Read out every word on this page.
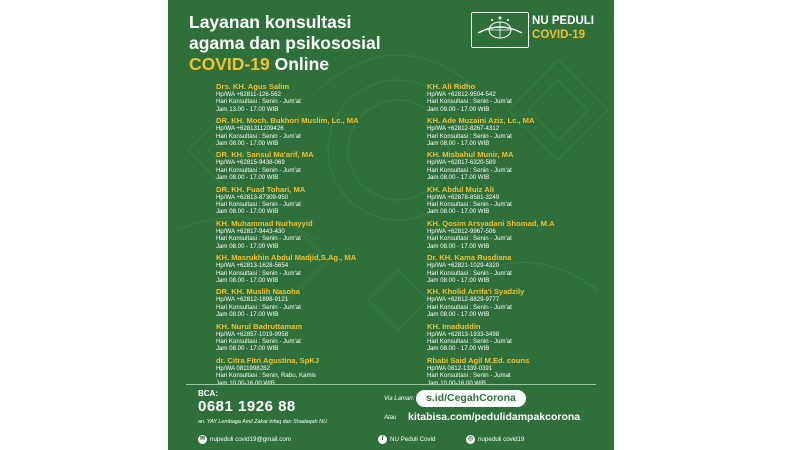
Layanan konsultasi
agama dan psikososial
COVID-19 Online
NU PEDULI
COVID-19
Drs. KH. Agus Salim
Hp/WA +62811-126-562
Hari Konsultasi : Senin - Jum'at
Jam 13.00 - 17.00 WIB
DR. KH. Moch. Bukhori Muslim, Lc., MA
Hp/WA +6281311209426
Hari Konsultasi : Senin - Jum'at
Jam 08.00 - 17.00 WIB
DR. KH. Sansul Ma'arif, MA
Hp/WA +62815-9438-069
Hari Konsultasi : Senin - Jum'at
Jam 08.00 - 17.00 WIB
DR. KH. Fuad Tohari, MA
Hp/WA +62813-87309-950
Hari Konsultasi : Senin - Jum'at
Jam 08.00 - 17.00 WIB
KH. Muhammad Nurhayyid
Hp/WA +62817-9443-430
Hari Konsultasi : Senin - Jum'at
Jam 08.00 - 17.00 WIB
KH. Masrukhin Abdul Madjid,S.Ag., MA
Hp/WA +62813-1628-5654
Hari Konsultasi : Senin - Jum'at
Jam 08.00 - 17.00 WIB
DR. KH. Muslih Nasoha
Hp/WA +62812-1898-9121
Hari Konsultasi : Senin - Jum'at
Jam 08.00 - 17.00 WIB
KH. Nurul Badruttamam
Hp/WA +62857-1019-9958
Hari Konsultasi : Senin - Jum'at
Jam 08.00 - 17.00 WIB
dr. Citra Fitri Agustina, SpKJ
Hp/WA 0811998282
Hari Konsultasi : Senin, Rabu, Kamis
KH. Ali Ridho
Hp/WA +62812-9504-542
Hari Konsultasi : Senin - Jum'at
Jam 09.00 - 17.00 WIB
KH. Ade Muzaini Aziz, Lc., MA
Hp/WA +62812-8267-4312
Hari Konsultasi : Senin - Jum'at
Jam 08.00 - 17.00 WIB
KH. Misbahul Munir, MA
Hp/WA +62817-6320-589
Hari Konsultasi : Senin - Jum'at
Jam 08.00 - 17.00 WIB
KH. Abdul Muiz Ali
Hp/WA +62878-8581-3249
Hari Konsultasi : Senin - Jum'at
Jam 08.00 - 17.00 WIB
KH. Qosim Arsyadani Shomad, M.A
Hp/WA +62812-9967-506
Hari Konsultasi : Senin - Jum'at
Jam 08.00 - 17.00 WIB
Dr. KH. Kama Rusdiana
Hp/WA +62821-1029-4320
Hari Konsultasi : Senin - Jum'at
Jam 08.00 - 17.00 WIB
KH. Kholid Arrifa'i Syadzily
Hp/WA +62812-8829-9777
Hari Konsultasi : Senin - Jum'at
Jam 08.00 - 17.00 WIB
KH. Imaduddin
Hp/WA +62813-1933-3498
Hari Konsultasi : Senin - Jum'at
Jam 08.00 - 17.00 WIB
Rhabi Said Agil M.Ed. couns
Hp/WA 0812-1339-0391
Hari Konsultasi : Senin - Jumat
BCA:
0681 1926 88
an. YAY Lembaga Amil Zakat Infaq dan Shadaqah NU
Via Laman:	s.id/CegahCorona
Atau kitabisa.com/pedulidampakcorona
✉ nupeduli covid19@gmail.com	f	NU Peduli Covid	◎ nupeduli covid19
